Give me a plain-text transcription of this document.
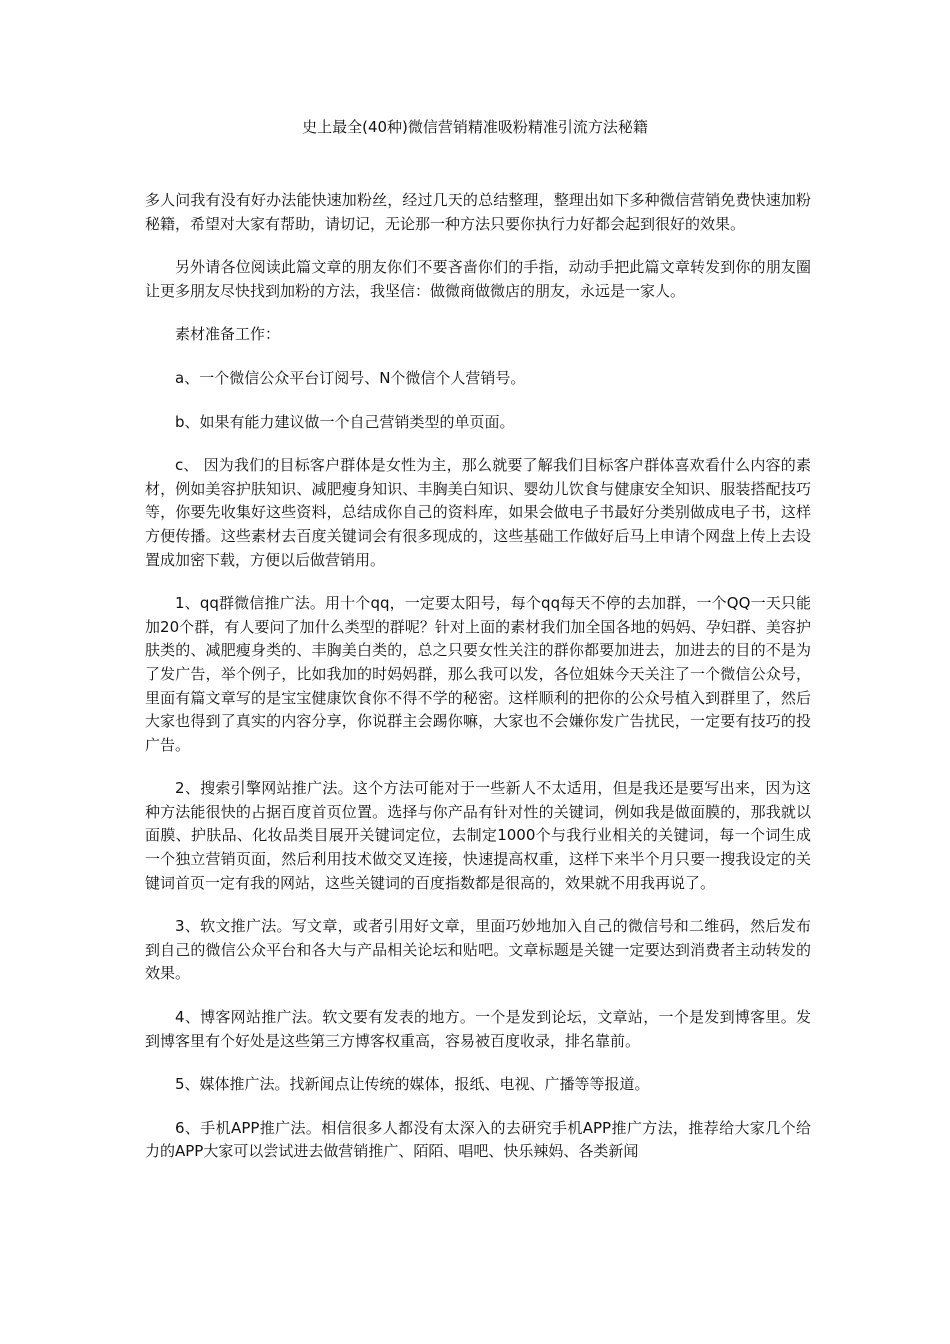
史上最全(40种)微信营销精准吸粉精准引流方法秘籍

多人问我有没有好办法能快速加粉丝，经过几天的总结整理，整理出如下多种微信营销免费快速加粉秘籍，希望对大家有帮助，请切记，无论那一种方法只要你执行力好都会起到很好的效果。

另外请各位阅读此篇文章的朋友你们不要吝啬你们的手指，动动手把此篇文章转发到你的朋友圈让更多朋友尽快找到加粉的方法，我坚信：做微商做微店的朋友，永远是一家人。

素材准备工作：

a、一个微信公众平台订阅号、N个微信个人营销号。

b、如果有能力建议做一个自己营销类型的单页面。

c、 因为我们的目标客户群体是女性为主，那么就要了解我们目标客户群体喜欢看什么内容的素材，例如美容护肤知识、减肥瘦身知识、丰胸美白知识、婴幼儿饮食与健康安全知识、服装搭配技巧等，你要先收集好这些资料，总结成你自己的资料库，如果会做电子书最好分类别做成电子书，这样方便传播。这些素材去百度关键词会有很多现成的，这些基础工作做好后马上申请个网盘上传上去设置成加密下载，方便以后做营销用。

1、qq群微信推广法。用十个qq，一定要太阳号，每个qq每天不停的去加群，一个QQ一天只能加20个群，有人要问了加什么类型的群呢？针对上面的素材我们加全国各地的妈妈、孕妇群、美容护肤类的、减肥瘦身类的、丰胸美白类的，总之只要女性关注的群你都要加进去，加进去的目的不是为了发广告，举个例子，比如我加的时妈妈群，那么我可以发，各位姐妹今天关注了一个微信公众号，里面有篇文章写的是宝宝健康饮食你不得不学的秘密。这样顺利的把你的公众号植入到群里了，然后大家也得到了真实的内容分享，你说群主会踢你嘛，大家也不会嫌你发广告扰民，一定要有技巧的投广告。

2、搜索引擎网站推广法。这个方法可能对于一些新人不太适用，但是我还是要写出来，因为这种方法能很快的占据百度首页位置。选择与你产品有针对性的关键词，例如我是做面膜的，那我就以面膜、护肤品、化妆品类目展开关键词定位，去制定1000个与我行业相关的关键词，每一个词生成一个独立营销页面，然后利用技术做交叉连接，快速提高权重，这样下来半个月只要一搜我设定的关键词首页一定有我的网站，这些关键词的百度指数都是很高的，效果就不用我再说了。

3、软文推广法。写文章，或者引用好文章，里面巧妙地加入自己的微信号和二维码，然后发布到自己的微信公众平台和各大与产品相关论坛和贴吧。文章标题是关键一定要达到消费者主动转发的效果。

4、博客网站推广法。软文要有发表的地方。一个是发到论坛，文章站，一个是发到博客里。发到博客里有个好处是这些第三方博客权重高，容易被百度收录，排名靠前。

5、媒体推广法。找新闻点让传统的媒体，报纸、电视、广播等等报道。

6、手机APP推广法。相信很多人都没有太深入的去研究手机APP推广方法，推荐给大家几个给力的APP大家可以尝试进去做营销推广、陌陌、唱吧、快乐辣妈、各类新闻
